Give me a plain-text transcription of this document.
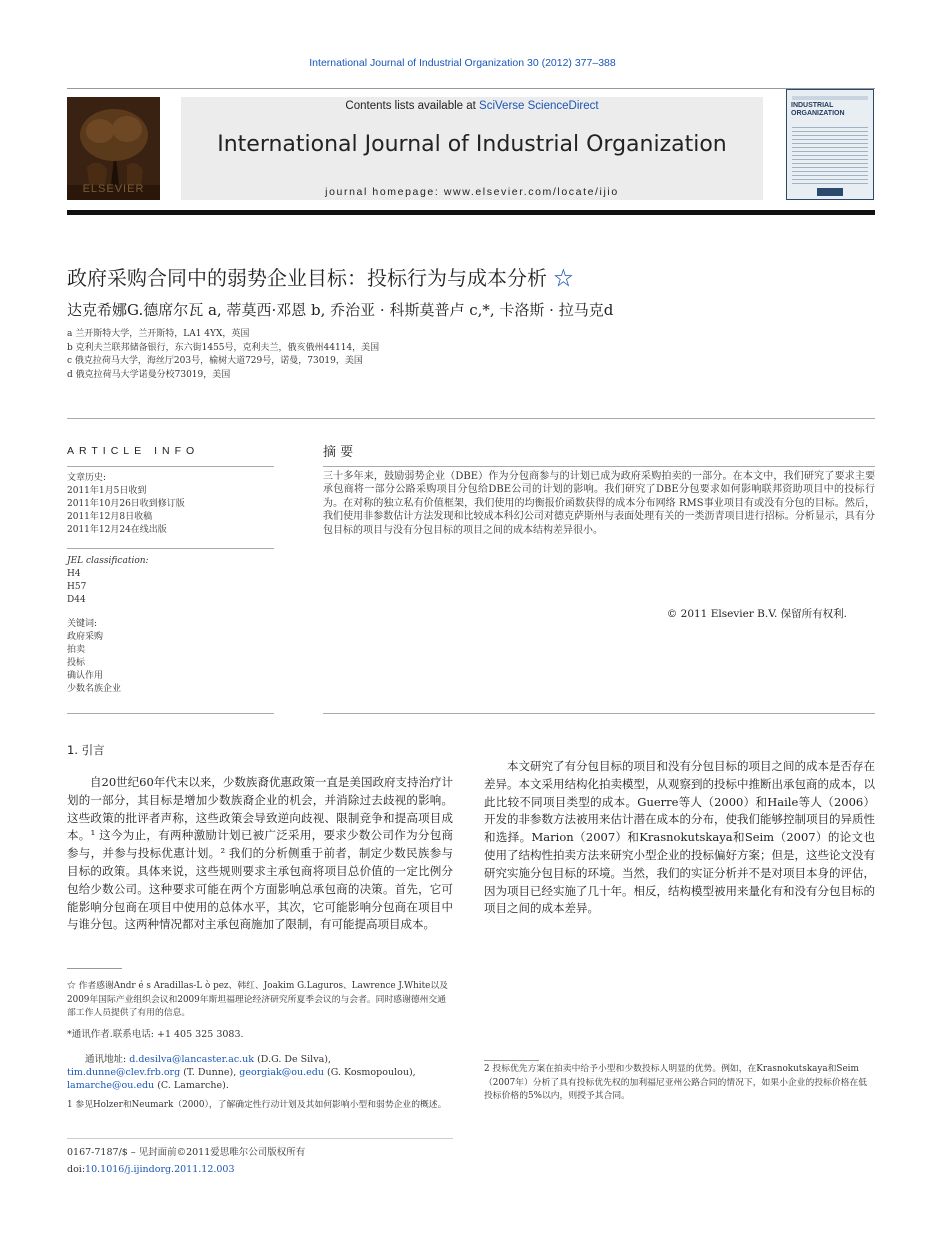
International Journal of Industrial Organization 30 (2012) 377–388
ELSEVIER
Contents lists available at SciVerse ScienceDirect
International Journal of Industrial Organization
journal homepage: www.elsevier.com/locate/ijio
INDUSTRIAL ORGANIZATION
政府采购合同中的弱势企业目标：投标行为与成本分析 ☆
达克希娜G.德席尔瓦 a, 蒂莫西·邓恩 b, 乔治亚 · 科斯莫普卢 c,*, 卡洛斯 · 拉马克d
a 兰开斯特大学，兰开斯特，LA1 4YX，英国
b 克利夫兰联邦储备银行，东六街1455号，克利夫兰，俄亥俄州44114，美国
c 俄克拉荷马大学，海丝厅203号，榆树大道729号，诺曼，73019，美国
d 俄克拉荷马大学诺曼分校73019，美国
ARTICLE INFO
文章历史:
2011年1月5日收到
2011年10月26日收到修订版
2011年12月8日收稿
2011年12月24在线出版
JEL classification:
H4
H57
D44
关键词:
政府采购
拍卖
投标
确认作用
少数名族企业
摘 要
三十多年来，鼓励弱势企业（DBE）作为分包商参与的计划已成为政府采购拍卖的一部分。在本文中，我们研究了要求主要承包商将一部分公路采购项目分包给DBE公司的计划的影响。我们研究了DBE分包要求如何影响联邦资助项目中的投标行为。在对称的独立私有价值框架，我们使用的均衡报价函数获得的成本分布网络 RMS事业项目有或没有分包的目标。然后，我们使用非参数估计方法发现和比较成本科幻公司对德克萨斯州与表面处理有关的一类沥青项目进行招标。分析显示，具有分包目标的项目与没有分包目标的项目之间的成本结构差异很小。
© 2011 Elsevier B.V. 保留所有权利.
1. 引言
自20世纪60年代末以来，少数族裔优惠政策一直是美国政府支持治疗计划的一部分，其目标是增加少数族裔企业的机会，并消除过去歧视的影响。这些政策的批评者声称，这些政策会导致逆向歧视、限制竞争和提高项目成本。¹ 这今为止，有两种激励计划已被广泛采用，要求少数公司作为分包商参与，并参与投标优惠计划。² 我们的分析侧重于前者，制定少数民族参与目标的政策。具体来说，这些规则要求主承包商将项目总价值的一定比例分包给少数公司。这种要求可能在两个方面影响总承包商的决策。首先，它可能影响分包商在项目中使用的总体水平，其次，它可能影响分包商在项目中与谁分包。这两种情况都对主承包商施加了限制，有可能提高项目成本。
本文研究了有分包目标的项目和没有分包目标的项目之间的成本是否存在差异。本文采用结构化拍卖模型，从观察到的投标中推断出承包商的成本，以此比较不同项目类型的成本。Guerre等人（2000）和Haile等人（2006）开发的非参数方法被用来估计潜在成本的分布，使我们能够控制项目的异质性和选择。Marion（2007）和Krasnokutskaya和Seim（2007）的论文也使用了结构性拍卖方法来研究小型企业的投标偏好方案；但是，这些论文没有研究实施分包目标的环境。当然，我们的实证分析并不是对项目本身的评估，因为项目已经实施了几十年。相反，结构模型被用来量化有和没有分包目标的项目之间的成本差异。
☆ 作者感谢Andr é s Aradillas-L ò pez、韩红、Joakim G.Laguros、Lawrence J.White以及2009年国际产业组织会议和2009年斯坦福理论经济研究所夏季会议的与会者。同时感谢德州交通部工作人员提供了有用的信息。
*通讯作者.联系电话: +1 405 325 3083.
通讯地址: d.desilva@lancaster.ac.uk (D.G. De Silva),
tim.dunne@clev.frb.org (T. Dunne), georgiak@ou.edu (G. Kosmopoulou),
lamarche@ou.edu (C. Lamarche).
1 参见Holzer和Neumark（2000），了解确定性行动计划及其如何影响小型和弱势企业的概述。
0167-7187/$ – 见封面前©2011爱思唯尔公司版权所有
doi:10.1016/j.ijindorg.2011.12.003
2 投标优先方案在拍卖中给予小型和少数投标人明显的优势。例如，在Krasnokutskaya和Seim（2007年）分析了具有投标优先权的加利福尼亚州公路合同的情况下，如果小企业的投标价格在低投标价格的5%以内，则授予其合同。
